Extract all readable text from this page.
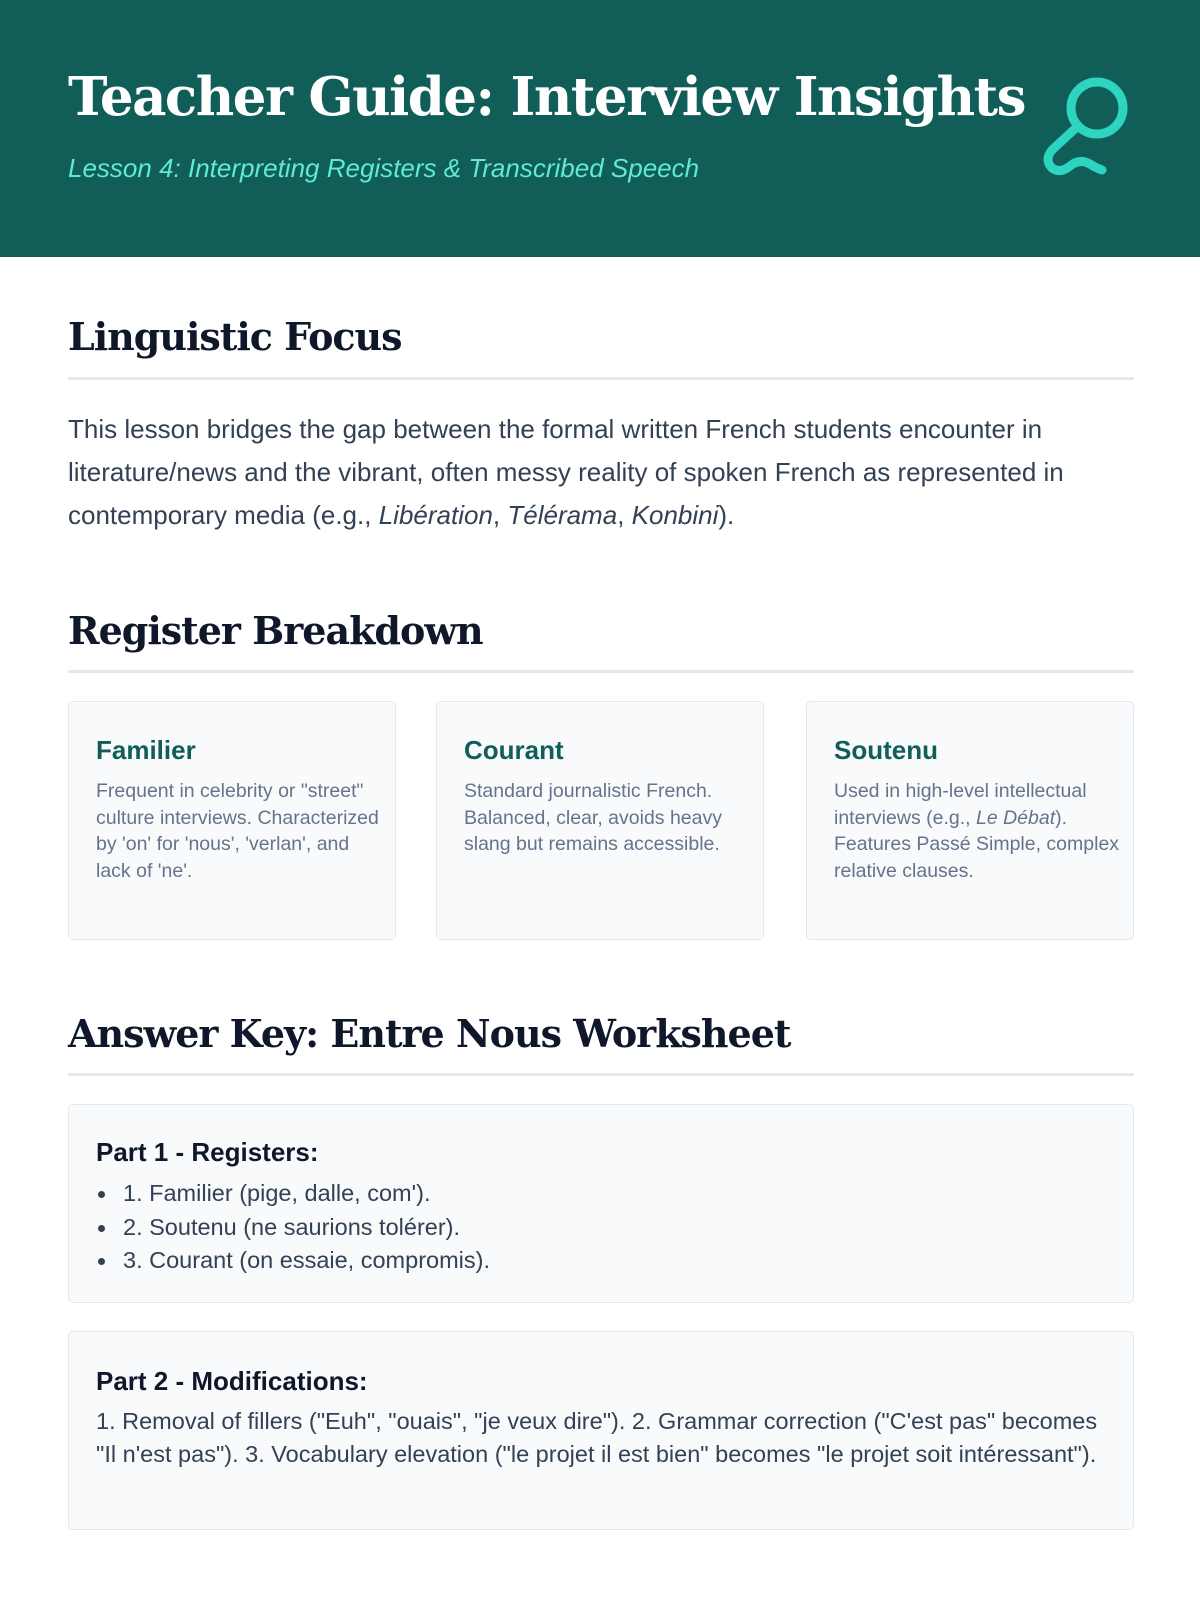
Teacher Guide: Interview Insights
Lesson 4: Interpreting Registers & Transcribed Speech
Linguistic Focus

This lesson bridges the gap between the formal written French students encounter in literature/news and the vibrant, often messy reality of spoken French as represented in contemporary media (e.g., Libération, Télérama, Konbini).

Register Breakdown
Familier
Frequent in celebrity or "street" culture interviews. Characterized by 'on' for 'nous', 'verlan', and lack of 'ne'.
Courant
Standard journalistic French. Balanced, clear, avoids heavy slang but remains accessible.
Soutenu
Used in high-level intellectual interviews (e.g., Le Débat). Features Passé Simple, complex relative clauses.
Answer Key: Entre Nous Worksheet
Part 1 - Registers:
1. Familier (pige, dalle, com').
2. Soutenu (ne saurions tolérer).
3. Courant (on essaie, compromis).
Part 2 - Modifications:
1. Removal of fillers ("Euh", "ouais", "je veux dire"). 2. Grammar correction ("C'est pas" becomes "Il n'est pas"). 3. Vocabulary elevation ("le projet il est bien" becomes "le projet soit intéressant").
